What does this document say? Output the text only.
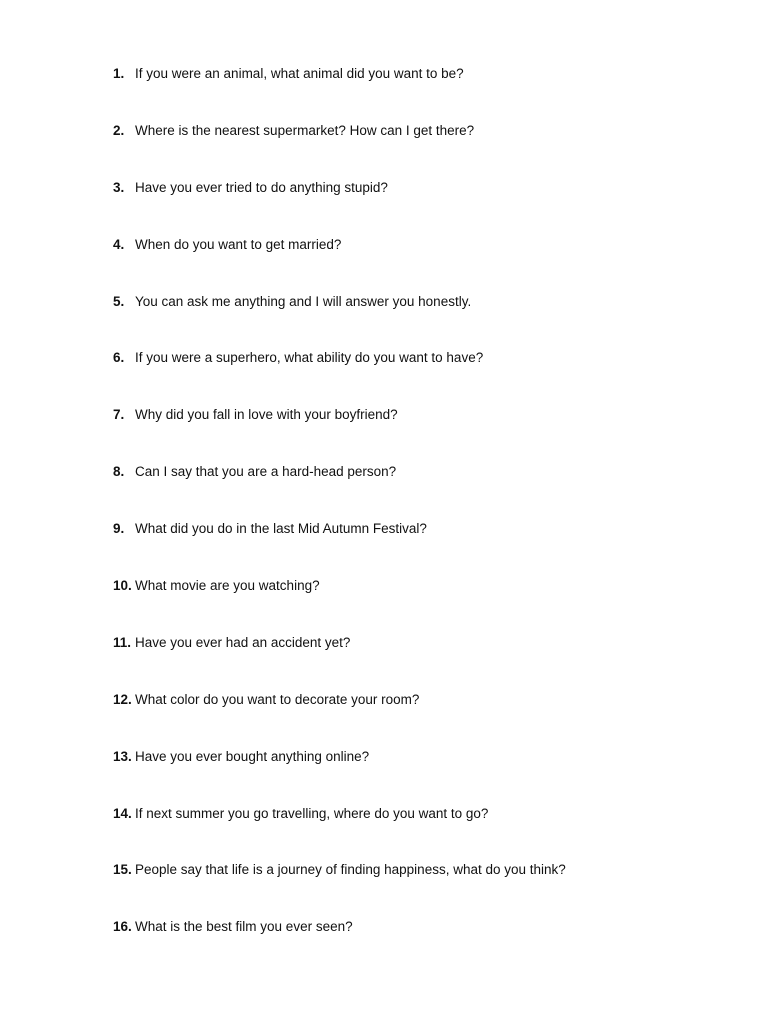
1. If you were an animal, what animal did you want to be?
2. Where is the nearest supermarket? How can I get there?
3. Have you ever tried to do anything stupid?
4. When do you want to get married?
5. You can ask me anything and I will answer you honestly.
6. If you were a superhero, what ability do you want to have?
7. Why did you fall in love with your boyfriend?
8. Can I say that you are a hard-head person?
9. What did you do in the last Mid Autumn Festival?
10. What movie are you watching?
11. Have you ever had an accident yet?
12. What color do you want to decorate your room?
13. Have you ever bought anything online?
14. If next summer you go travelling, where do you want to go?
15. People say that life is a journey of finding happiness, what do you think?
16. What is the best film you ever seen?
